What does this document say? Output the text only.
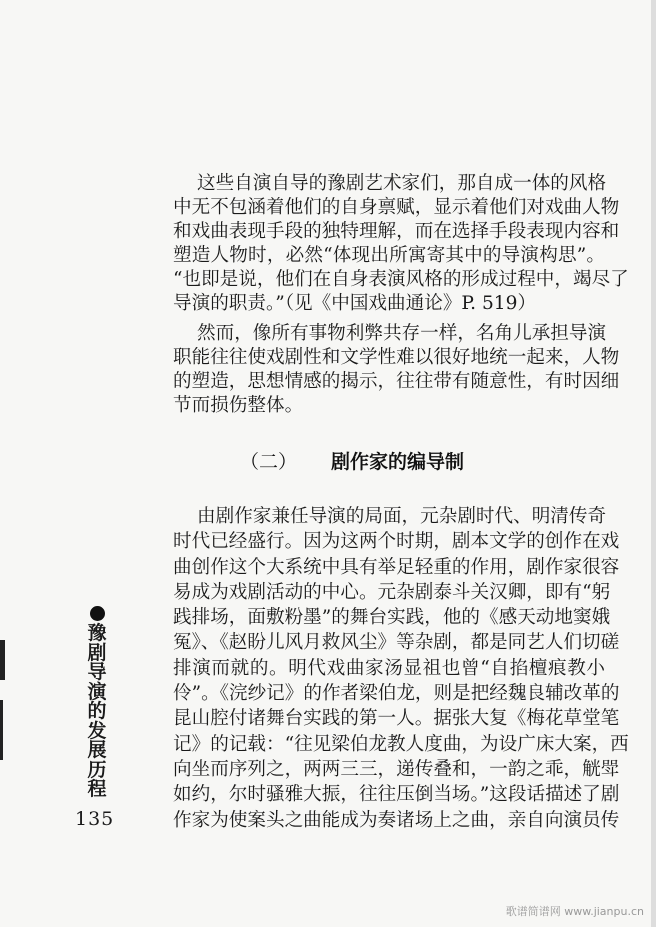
这些自演自导的豫剧艺术家们，那自成一体的风格
中无不包涵着他们的自身禀赋，显示着他们对戏曲人物
和戏曲表现手段的独特理解，而在选择手段表现内容和
塑造人物时，必然“体现出所寓寄其中的导演构思”。
“也即是说，他们在自身表演风格的形成过程中，竭尽了
导演的职责。”（见《中国戏曲通论》P. 519）
然而，像所有事物利弊共存一样，名角儿承担导演
职能往往使戏剧性和文学性难以很好地统一起来，人物
的塑造，思想情感的揭示，往往带有随意性，有时因细
节而损伤整体。
（二） 剧作家的编导制
由剧作家兼任导演的局面，元杂剧时代、明清传奇
时代已经盛行。因为这两个时期，剧本文学的创作在戏
曲创作这个大系统中具有举足轻重的作用，剧作家很容
易成为戏剧活动的中心。元杂剧泰斗关汉卿，即有“躬
践排场，面敷粉墨”的舞台实践，他的《感天动地窦娥
冤》、《赵盼儿风月救风尘》等杂剧，都是同艺人们切磋
排演而就的。明代戏曲家汤显祖也曾“自掐檀痕教小
伶”。《浣纱记》的作者梁伯龙，则是把经魏良辅改革的
昆山腔付诸舞台实践的第一人。据张大复《梅花草堂笔
记》的记载：“往见梁伯龙教人度曲，为设广床大案，西
向坐而序列之，两两三三，递传叠和，一韵之乖，觥斝
如约，尔时骚雅大振，往往压倒当场。”这段话描述了剧
作家为使案头之曲能成为奏诸场上之曲，亲自向演员传
豫剧导演的发展历程
135
歌谱简谱网 www.jianpu.cn
